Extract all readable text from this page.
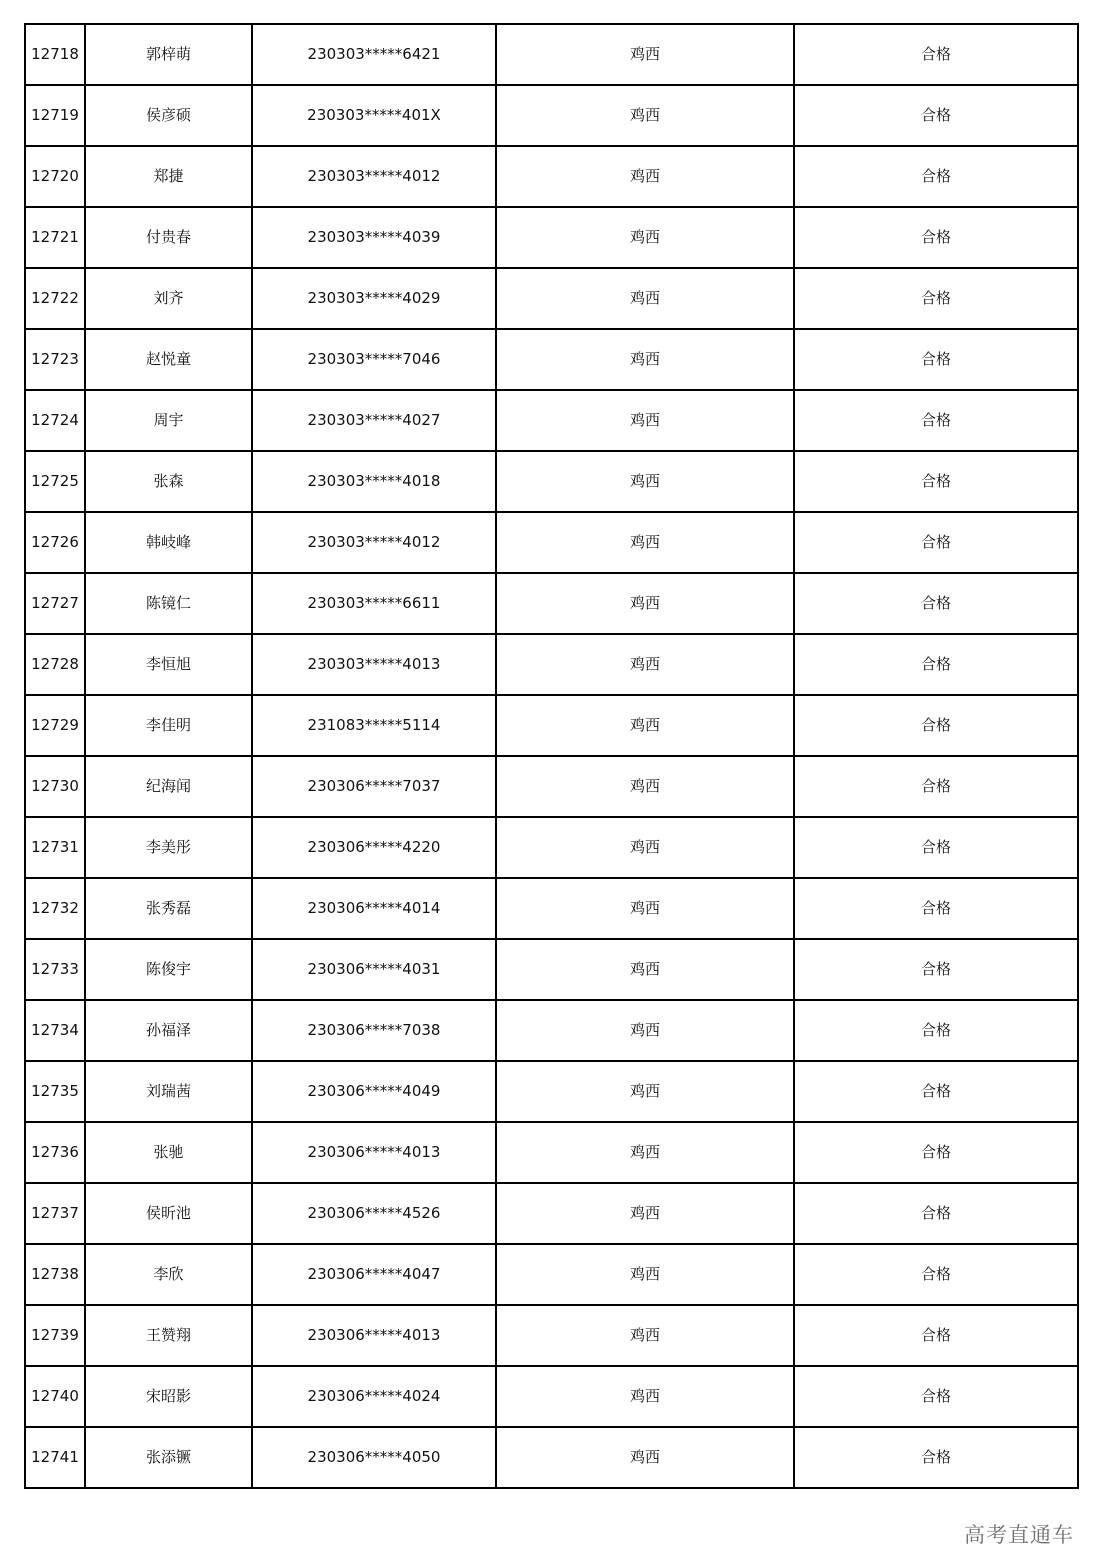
12718	郭梓萌	230303*****6421	鸡西	合格
12719	侯彦硕	230303*****401X	鸡西	合格
12720	郑捷	230303*****4012	鸡西	合格
12721	付贵春	230303*****4039	鸡西	合格
12722	刘齐	230303*****4029	鸡西	合格
12723	赵悦童	230303*****7046	鸡西	合格
12724	周宇	230303*****4027	鸡西	合格
12725	张森	230303*****4018	鸡西	合格
12726	韩岐峰	230303*****4012	鸡西	合格
12727	陈镜仁	230303*****6611	鸡西	合格
12728	李恒旭	230303*****4013	鸡西	合格
12729	李佳明	231083*****5114	鸡西	合格
12730	纪海闻	230306*****7037	鸡西	合格
12731	李美彤	230306*****4220	鸡西	合格
12732	张秀磊	230306*****4014	鸡西	合格
12733	陈俊宇	230306*****4031	鸡西	合格
12734	孙福泽	230306*****7038	鸡西	合格
12735	刘瑞茜	230306*****4049	鸡西	合格
12736	张驰	230306*****4013	鸡西	合格
12737	侯昕池	230306*****4526	鸡西	合格
12738	李欣	230306*****4047	鸡西	合格
12739	王赞翔	230306*****4013	鸡西	合格
12740	宋昭影	230306*****4024	鸡西	合格
12741	张添镢	230306*****4050	鸡西	合格
高考直通车
